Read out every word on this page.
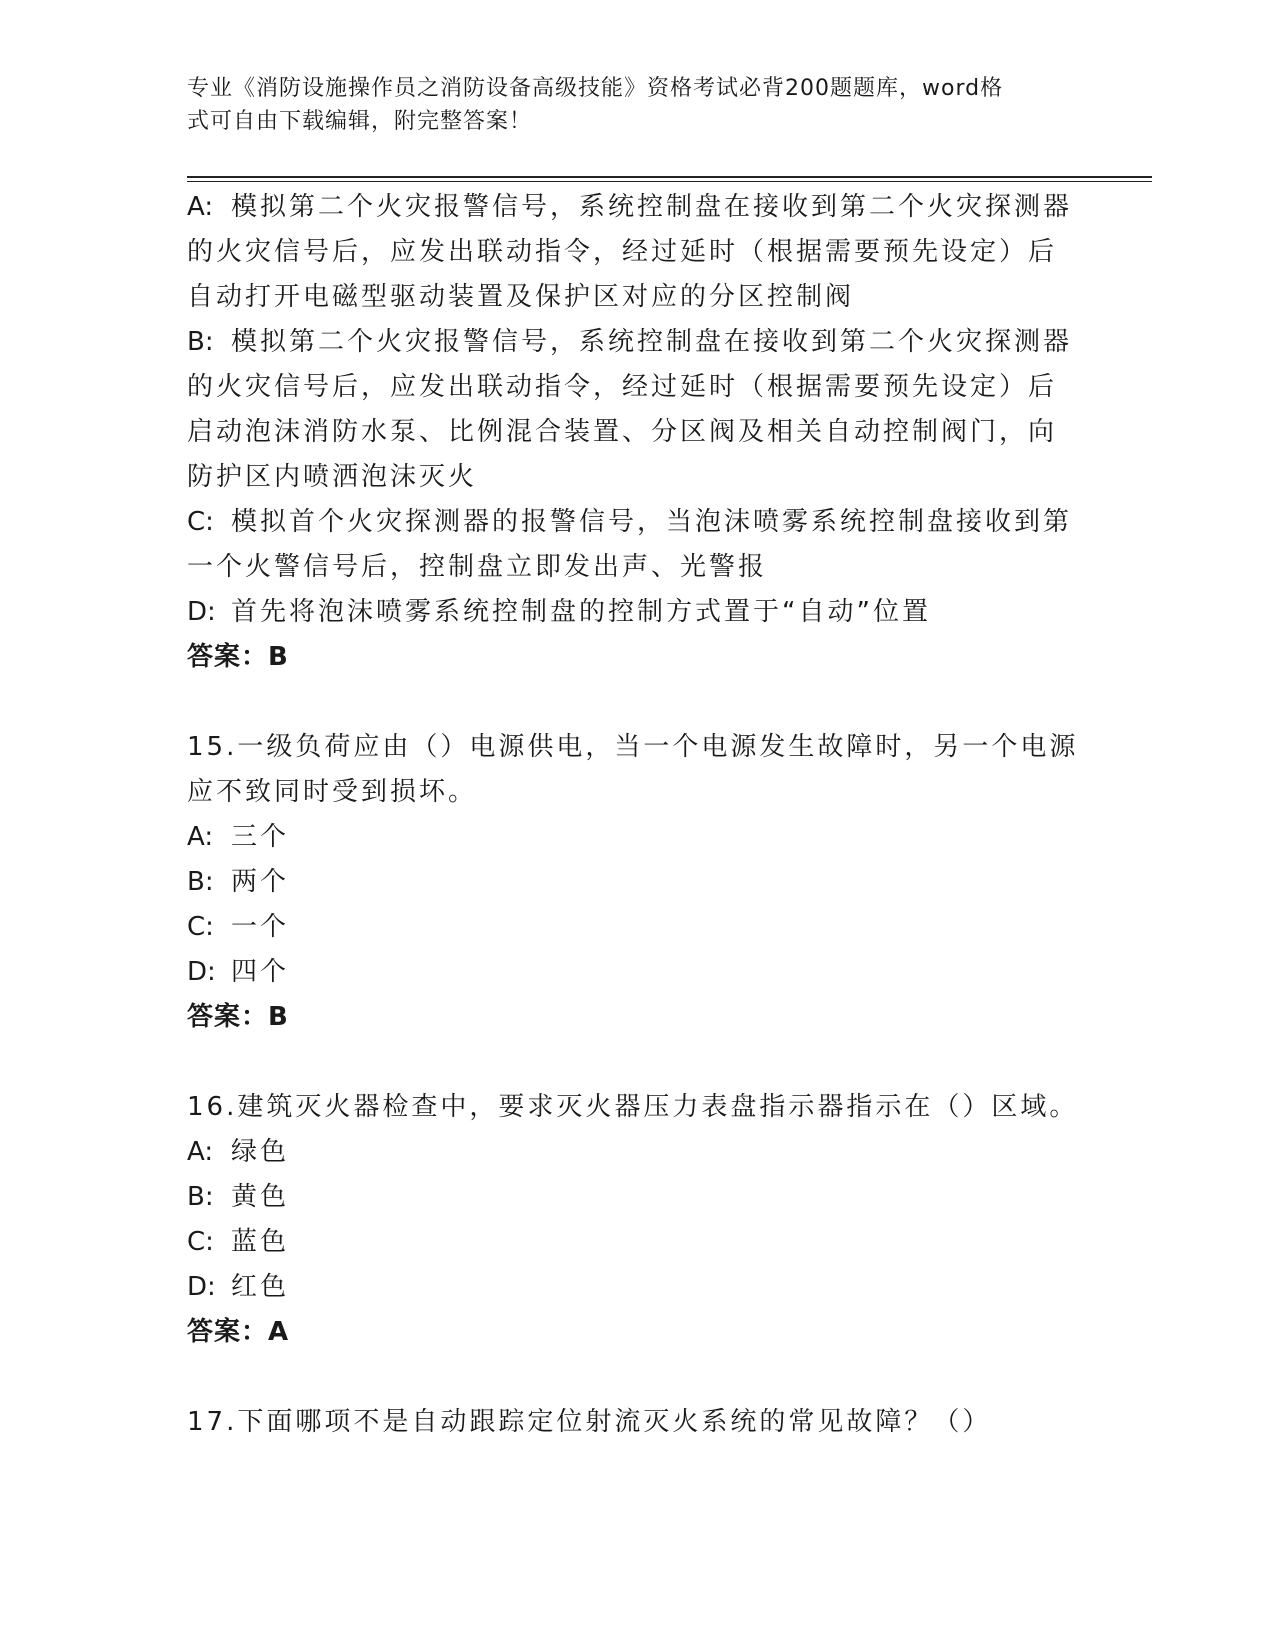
专业《消防设施操作员之消防设备高级技能》资格考试必背200题题库，word格
式可自由下载编辑，附完整答案！
A: 模拟第二个火灾报警信号，系统控制盘在接收到第二个火灾探测器
的火灾信号后，应发出联动指令，经过延时（根据需要预先设定）后
自动打开电磁型驱动装置及保护区对应的分区控制阀
B: 模拟第二个火灾报警信号，系统控制盘在接收到第二个火灾探测器
的火灾信号后，应发出联动指令，经过延时（根据需要预先设定）后
启动泡沫消防水泵、比例混合装置、分区阀及相关自动控制阀门，向
防护区内喷洒泡沫灭火
C: 模拟首个火灾探测器的报警信号，当泡沫喷雾系统控制盘接收到第
一个火警信号后，控制盘立即发出声、光警报
D: 首先将泡沫喷雾系统控制盘的控制方式置于“自动”位置
答案：B
15.一级负荷应由（）电源供电，当一个电源发生故障时，另一个电源
应不致同时受到损坏。
A: 三个
B: 两个
C: 一个
D: 四个
答案：B
16.建筑灭火器检查中，要求灭火器压力表盘指示器指示在（）区域。
A: 绿色
B: 黄色
C: 蓝色
D: 红色
答案：A
17.下面哪项不是自动跟踪定位射流灭火系统的常见故障？（）
